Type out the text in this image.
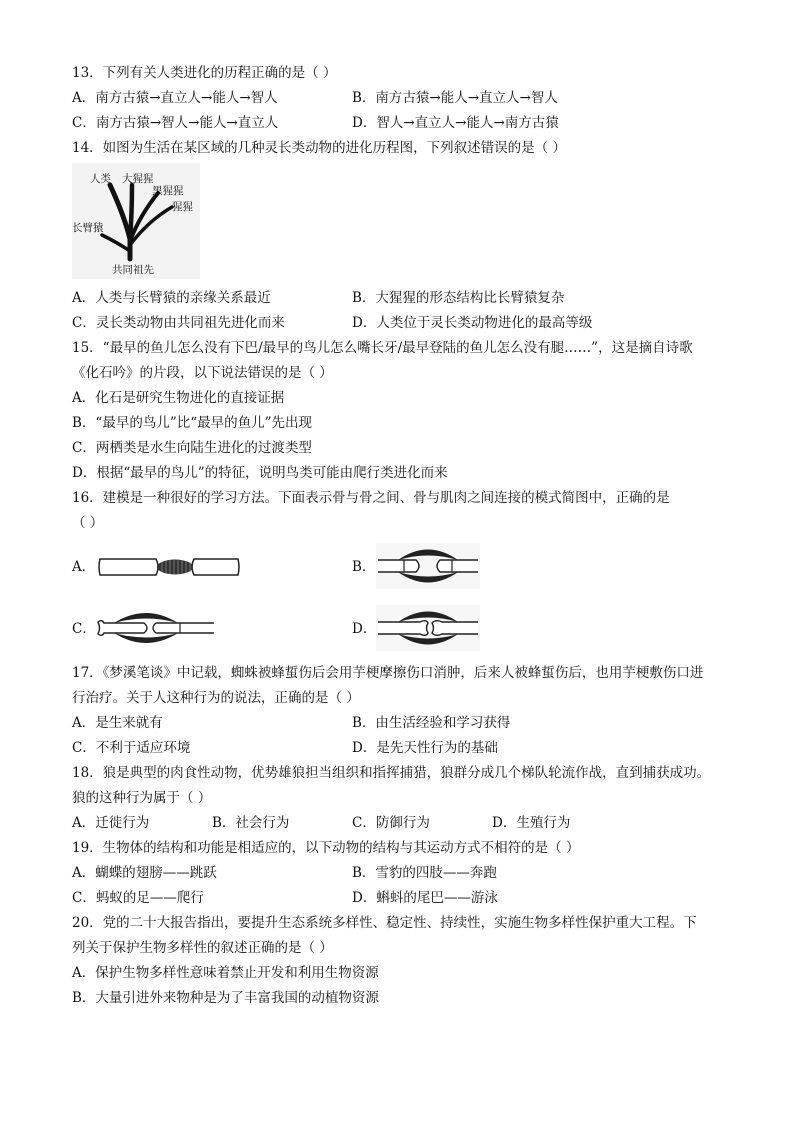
13．下列有关人类进化的历程正确的是（ ）
A．南方古猿→直立人→能人→智人	B．南方古猿→能人→直立人→智人
C．南方古猿→智人→能人→直立人	D．智人→直立人→能人→南方古猿
14．如图为生活在某区域的几种灵长类动物的进化历程图，下列叙述错误的是（ ）
人类 大猩猩
黑猩猩
猩猩
长臂猿
共同祖先
A．人类与长臂猿的亲缘关系最近	B．大猩猩的形态结构比长臂猿复杂
C．灵长类动物由共同祖先进化而来	D．人类位于灵长类动物进化的最高等级
15．“最早的鱼儿怎么没有下巴/最早的鸟儿怎么嘴长牙/最早登陆的鱼儿怎么没有腿……”，这是摘自诗歌
《化石吟》的片段，以下说法错误的是（ ）
A．化石是研究生物进化的直接证据
B．“最早的鸟儿”比“最早的鱼儿”先出现
C．两栖类是水生向陆生进化的过渡类型
D．根据“最早的鸟儿”的特征，说明鸟类可能由爬行类进化而来
16．建模是一种很好的学习方法。下面表示骨与骨之间、骨与肌肉之间连接的模式简图中，正确的是
（ ）
A．	B．
C．	D．
17．《梦溪笔谈》中记载，蜘蛛被蜂蜇伤后会用芋梗摩擦伤口消肿，后来人被蜂蜇伤后，也用芋梗敷伤口进
行治疗。关于人这种行为的说法，正确的是（ ）
A．是生来就有	B．由生活经验和学习获得
C．不利于适应环境	D．是先天性行为的基础
18．狼是典型的肉食性动物，优势雄狼担当组织和指挥捕猎，狼群分成几个梯队轮流作战，直到捕获成功。
狼的这种行为属于（ ）
A．迁徙行为	B．社会行为	C．防御行为	D．生殖行为
19．生物体的结构和功能是相适应的，以下动物的结构与其运动方式不相符的是（ ）
A．蝴蝶的翅膀——跳跃	B．雪豹的四肢——奔跑
C．蚂蚁的足——爬行	D．蝌蚪的尾巴——游泳
20．党的二十大报告指出，要提升生态系统多样性、稳定性、持续性，实施生物多样性保护重大工程。下
列关于保护生物多样性的叙述正确的是（ ）
A．保护生物多样性意味着禁止开发和利用生物资源
B．大量引进外来物种是为了丰富我国的动植物资源
